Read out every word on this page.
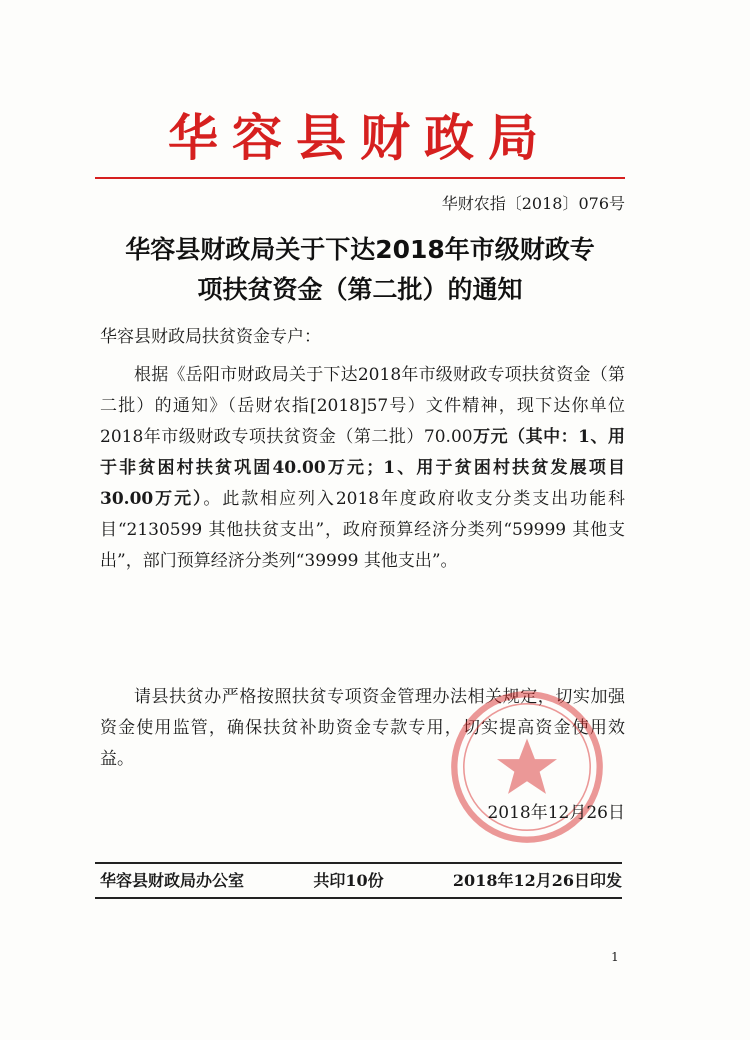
华容县财政局
华财农指〔2018〕076号
华容县财政局关于下达2018年市级财政专
项扶贫资金（第二批）的通知
华容县财政局扶贫资金专户：
根据《岳阳市财政局关于下达2018年市级财政专项扶贫资金（第二批）的通知》（岳财农指[2018]57号）文件精神，现下达你单位2018年市级财政专项扶贫资金（第二批）70.00万元（其中：1、用于非贫困村扶贫巩固40.00万元；1、用于贫困村扶贫发展项目30.00万元）。此款相应列入2018年度政府收支分类支出功能科目“2130599 其他扶贫支出”，政府预算经济分类列“59999 其他支出”，部门预算经济分类列“39999 其他支出”。
请县扶贫办严格按照扶贫专项资金管理办法相关规定，切实加强资金使用监管，确保扶贫补助资金专款专用，切实提高资金使用效益。
2018年12月26日
华容县财政局办公室	共印10份	2018年12月26日印发
1
